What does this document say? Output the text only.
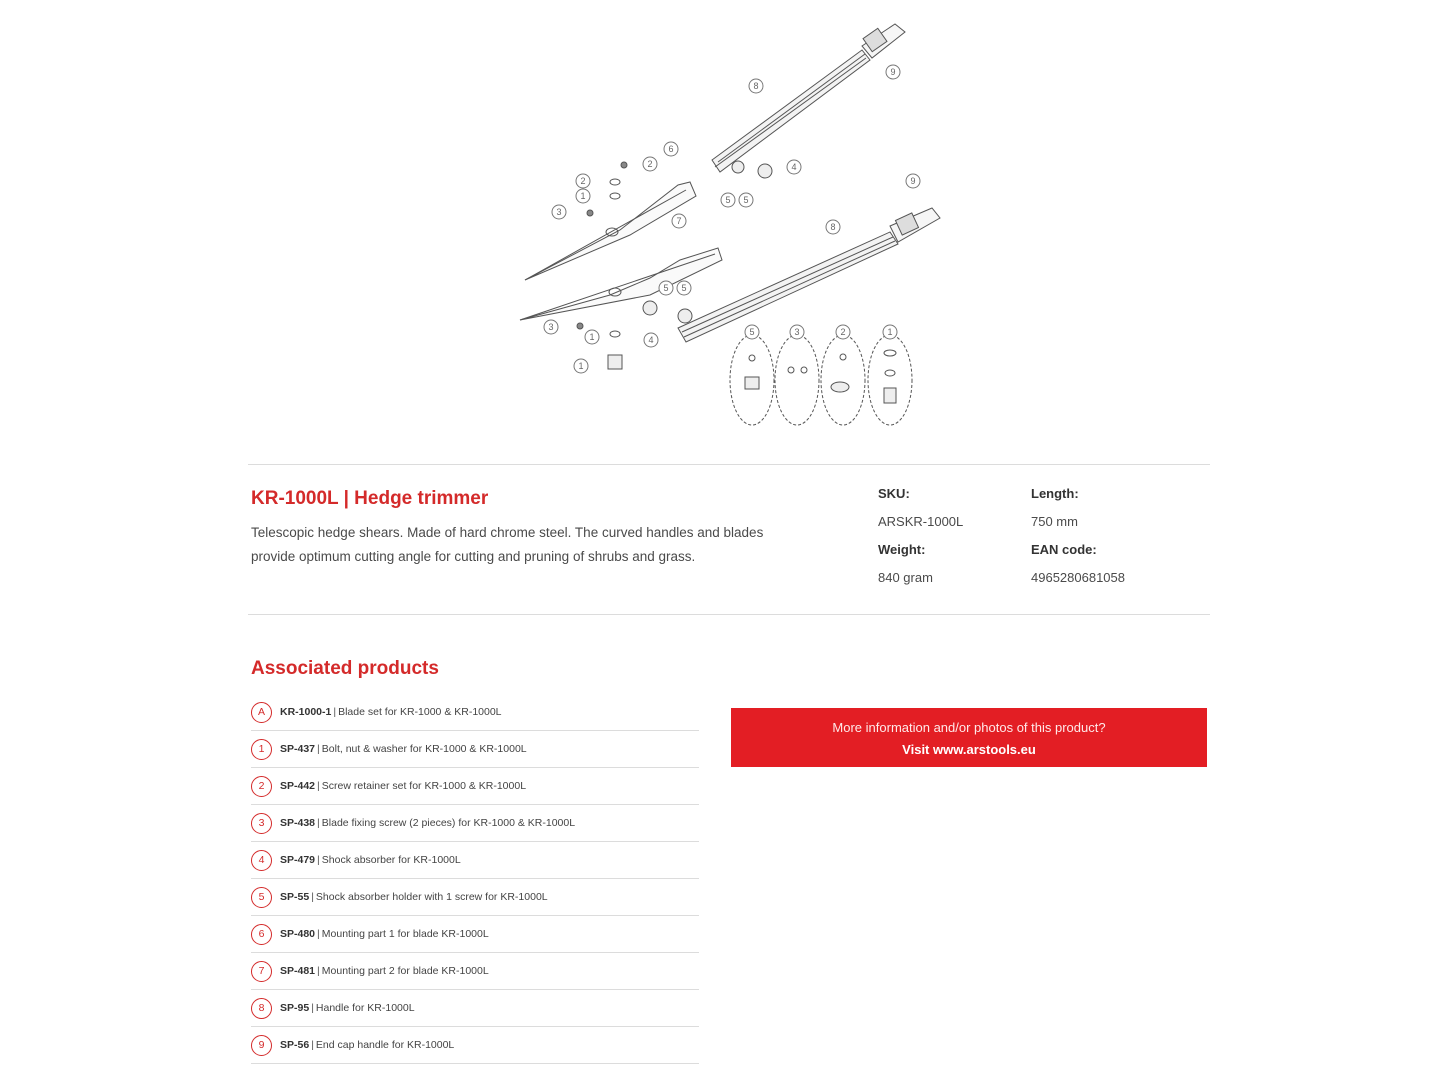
9
8
6
2
2
1
3
4
5 5
7
9
8
5 5
3
1	4
1
5	3	2	1
KR-1000L | Hedge trimmer

Telescopic hedge shears. Made of hard chrome steel. The curved handles and blades provide optimum cutting angle for cutting and pruning of shrubs and grass.

SKU:
ARSKR-1000L
Length:
750 mm
Weight:
840 gram
EAN code:
4965280681058
Associated products
A	KR-1000-1 | Blade set for KR-1000 & KR-1000L
1	SP-437 | Bolt, nut & washer for KR-1000 & KR-1000L
2	SP-442 | Screw retainer set for KR-1000 & KR-1000L
3	SP-438 | Blade fixing screw (2 pieces) for KR-1000 & KR-1000L
4	SP-479 | Shock absorber for KR-1000L
5	SP-55 | Shock absorber holder with 1 screw for KR-1000L
6	SP-480 | Mounting part 1 for blade KR-1000L
7	SP-481 | Mounting part 2 for blade KR-1000L
8	SP-95 | Handle for KR-1000L
9	SP-56 | End cap handle for KR-1000L
More information and/or photos of this product?
Visit www.arstools.eu
